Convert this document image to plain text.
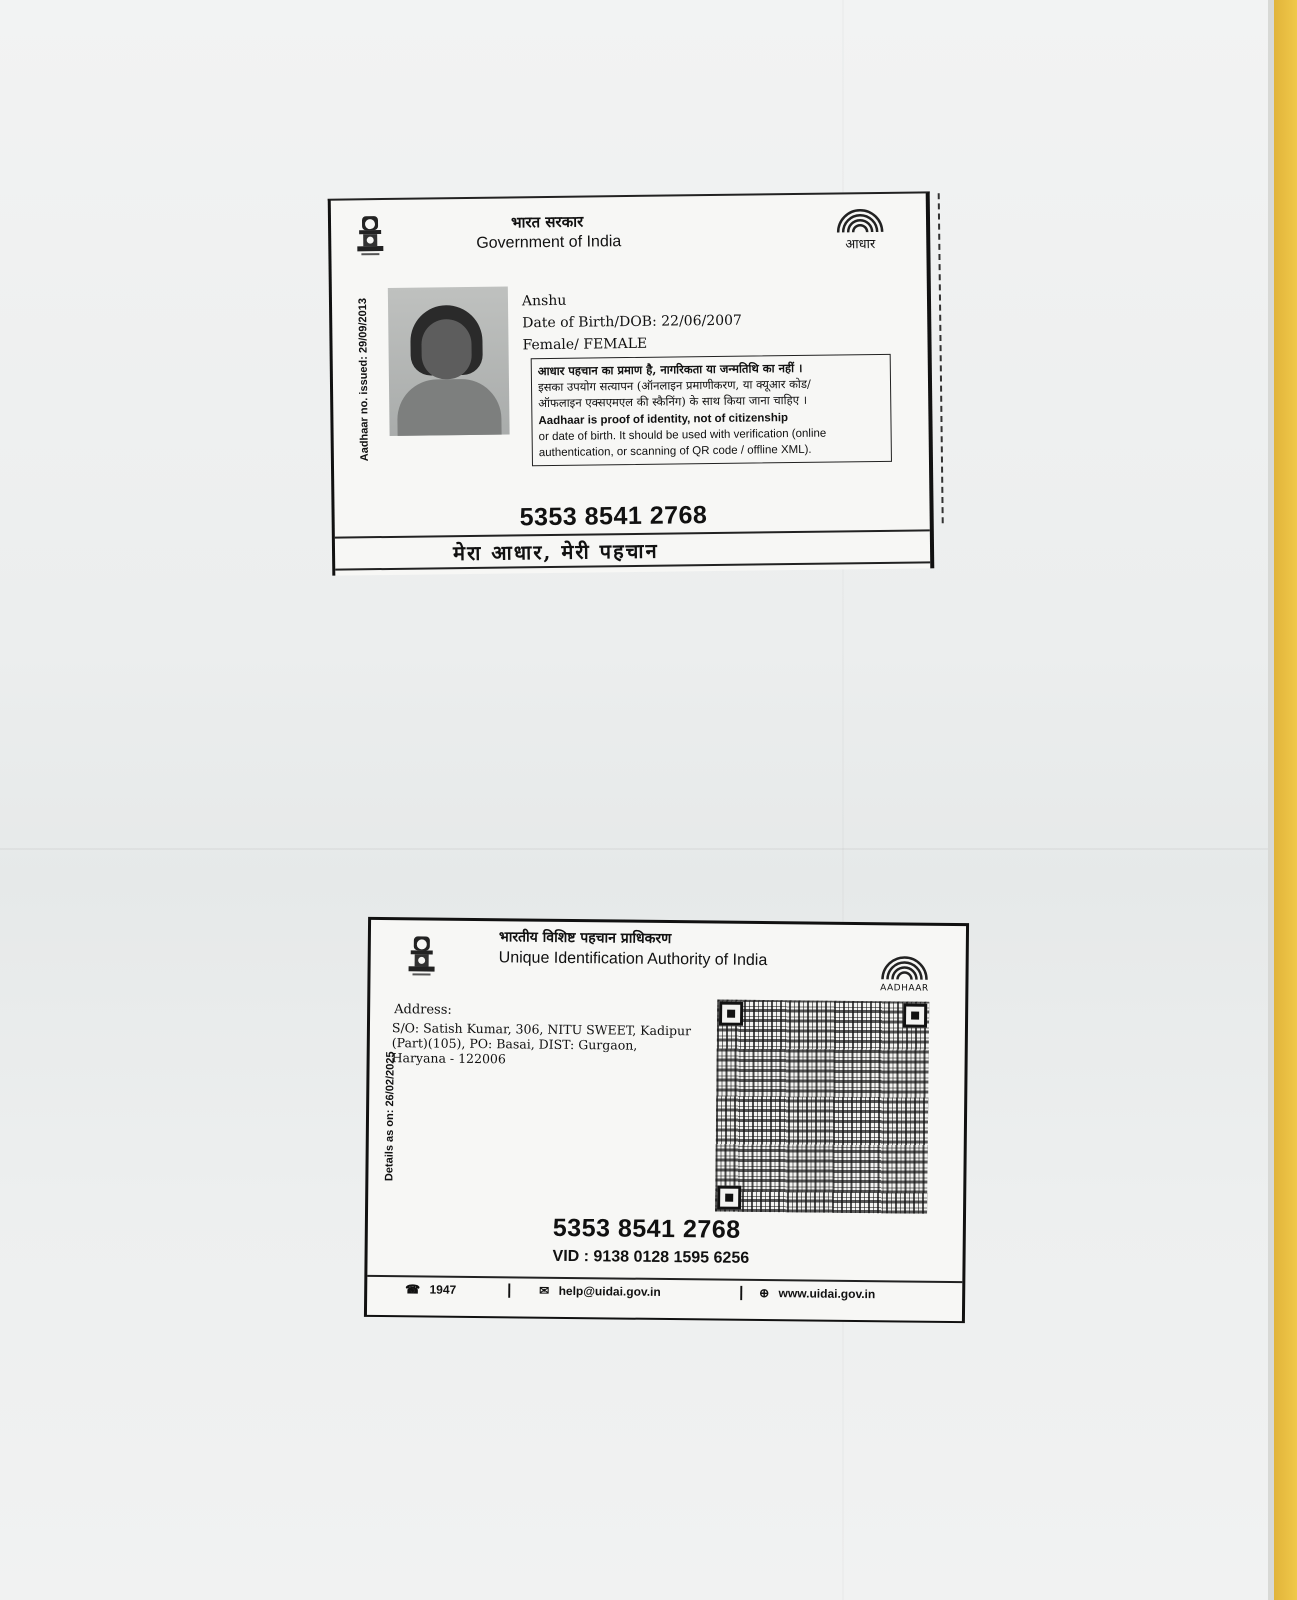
भारत सरकार
Government of India	आधार
Aadhaar no. issued: 29/09/2013	Anshu
Date of Birth/DOB: 22/06/2007
Female/ FEMALE
आधार पहचान का प्रमाण है, नागरिकता या जन्मतिथि का नहीं ।
इसका उपयोग सत्यापन (ऑनलाइन प्रमाणीकरण, या क्यूआर कोड/
ऑफलाइन एक्सएमएल की स्कैनिंग) के साथ किया जाना चाहिए ।
Aadhaar is proof of identity, not of citizenship
or date of birth. It should be used with verification (online
authentication, or scanning of QR code / offline XML).
5353 8541 2768
मेरा आधार, मेरी पहचान
भारतीय विशिष्ट पहचान प्राधिकरण
Unique Identification Authority of India
AADHAAR
Details as on: 26/02/2025
Address:
S/O: Satish Kumar, 306, NITU SWEET, Kadipur
(Part)(105), PO: Basai, DIST: Gurgaon,
Haryana - 122006
5353 8541 2768
VID : 9138 0128 1595 6256
☎ 1947	| ✉ help@uidai.gov.in	| ⊕ www.uidai.gov.in
